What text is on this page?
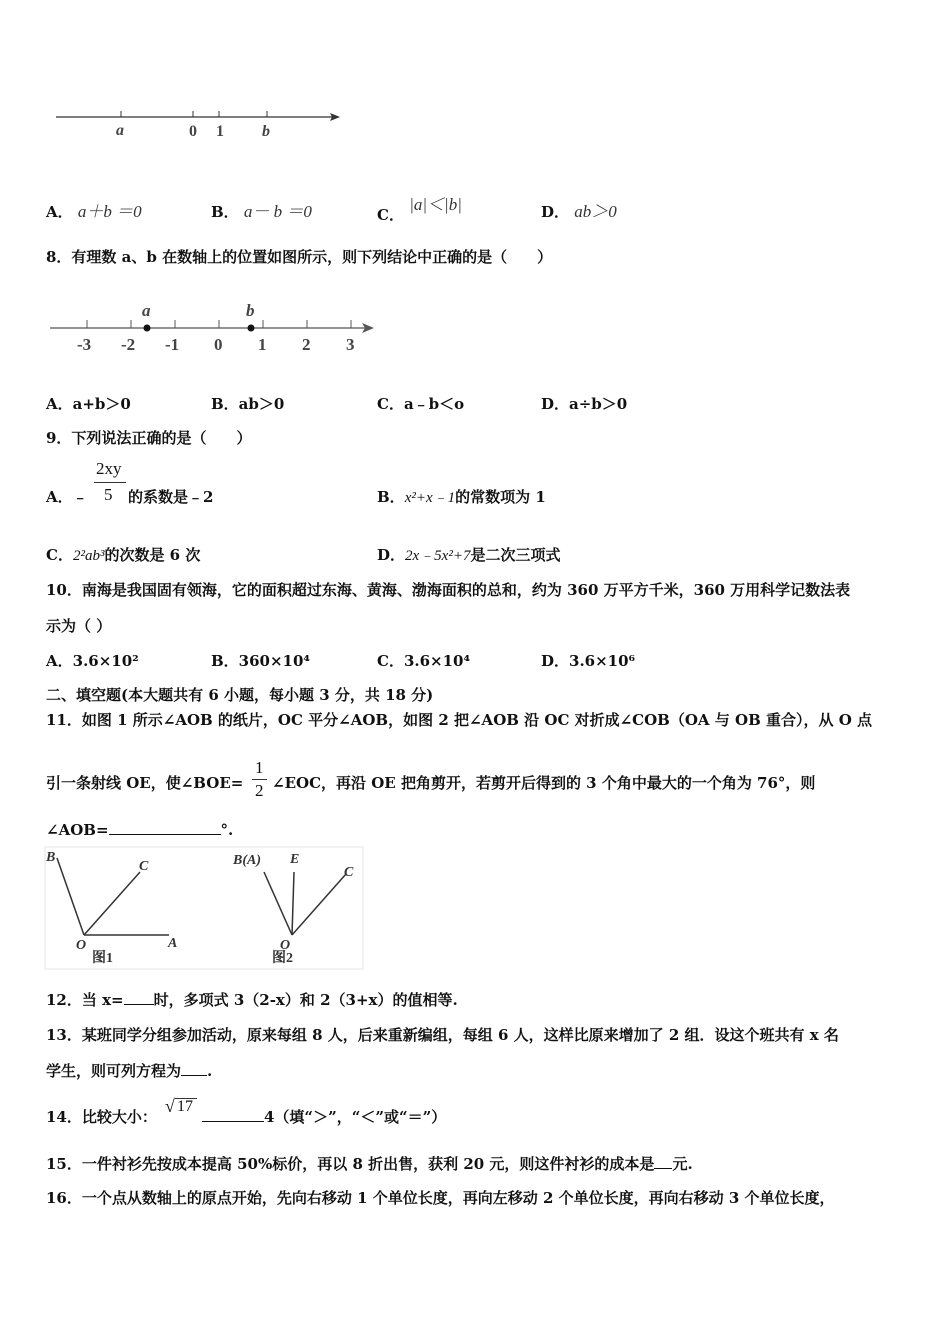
a	0 1 b
A． a＋b ＝0	B． a－ b ＝0	C． |a|＜|b|	D． ab＞0
8．有理数 a、b 在数轴上的位置如图所示，则下列结论中正确的是（　　）
a	b
-3 -2 -1 0 1 2 3
A．a+b＞0	B．ab＞0	C．a﹣b＜o	D．a÷b＞0
9．下列说法正确的是（　　）
A．﹣
2xy
5 的系数是﹣2	B．x²+x﹣1的常数项为 1
C．2²ab³的次数是 6 次	D．2x﹣5x²+7是二次三项式
10．南海是我国固有领海，它的面积超过东海、黄海、渤海面积的总和，约为 360 万平方千米，360 万用科学记数法表
示为（ ）
A．3.6×10²	B．360×10⁴	C．3.6×10⁴	D．3.6×10⁶
二、填空题(本大题共有 6 小题，每小题 3 分，共 18 分)
11．如图 1 所示∠AOB 的纸片，OC 平分∠AOB，如图 2 把∠AOB 沿 OC 对折成∠COB（OA 与 OB 重合），从 O 点
引一条射线 OE，使∠BOE=
1
2 ∠EOC，再沿 OE 把角剪开，若剪开后得到的 3 个角中最大的一个角为 76°，则
∠AOB=	°.
B
C
O	A
图1
B(A) E
C
O
图2
12．当 x= 时，多项式 3（2-x）和 2（3+x）的值相等.
13．某班同学分组参加活动，原来每组 8 人，后来重新编组，每组 6 人，这样比原来增加了 2 组．设这个班共有 x 名
学生，则可列方程为 .
14．比较大小：
√ 17
4（填“＞”，“＜”或“＝”）
15．一件衬衫先按成本提高 50%标价，再以 8 折出售，获利 20 元，则这件衬衫的成本是 元.
16．一个点从数轴上的原点开始，先向右移动 1 个单位长度，再向左移动 2 个单位长度，再向右移动 3 个单位长度，
